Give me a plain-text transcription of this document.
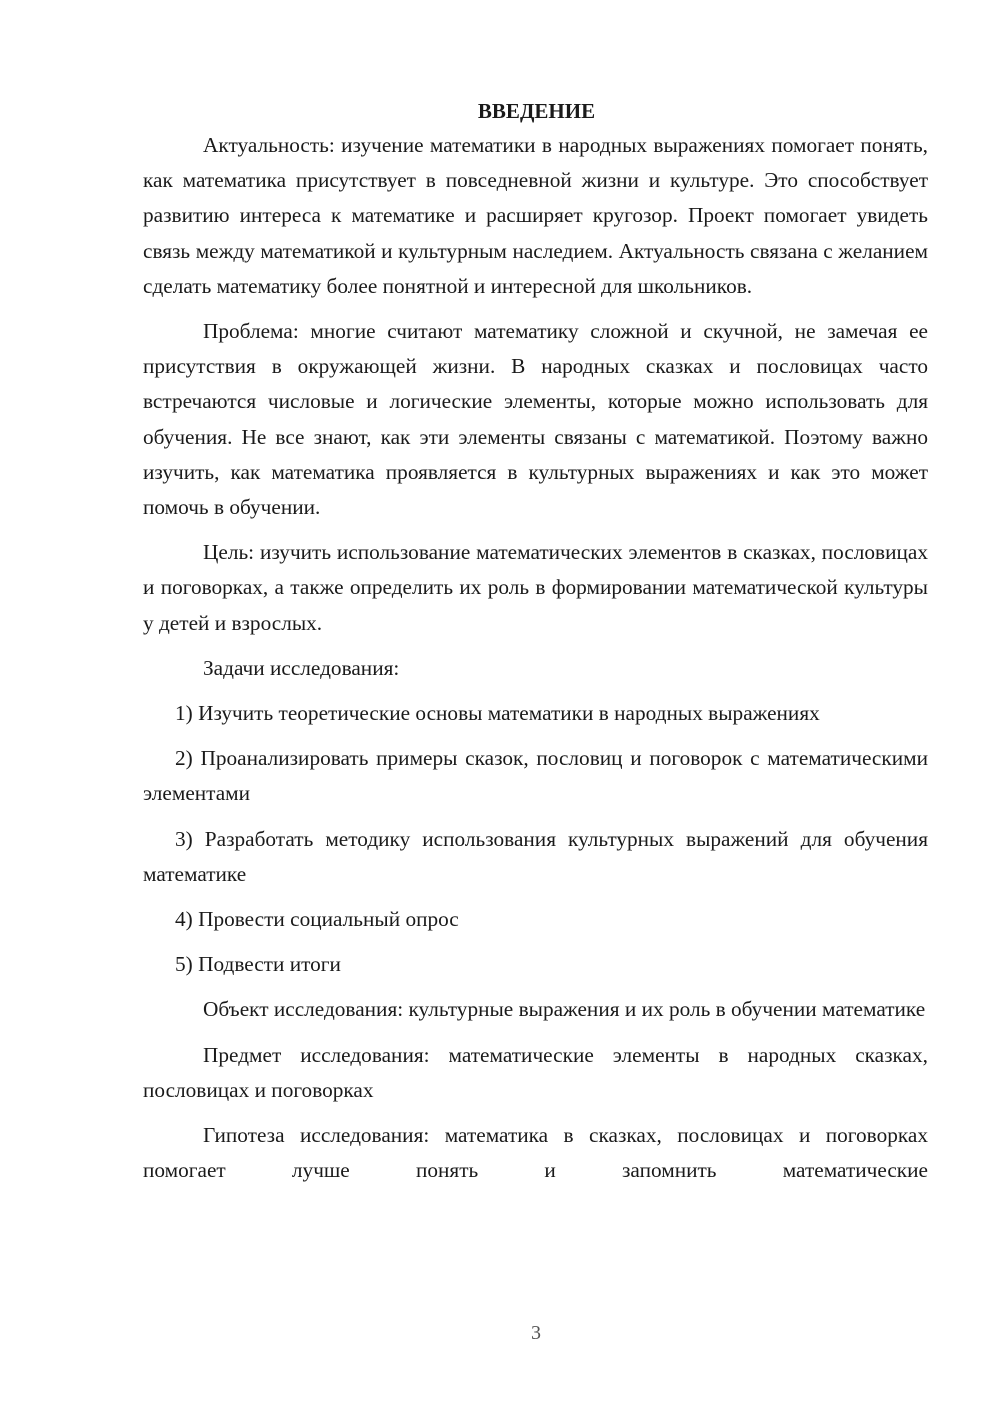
ВВЕДЕНИЕ

Актуальность: изучение математики в народных выражениях помогает понять, как математика присутствует в повседневной жизни и культуре. Это способствует развитию интереса к математике и расширяет кругозор. Проект помогает увидеть связь между математикой и культурным наследием. Актуальность связана с желанием сделать математику более понятной и интересной для школьников.

Проблема: многие считают математику сложной и скучной, не замечая ее присутствия в окружающей жизни. В народных сказках и пословицах часто встречаются числовые и логические элементы, которые можно использовать для обучения. Не все знают, как эти элементы связаны с математикой. Поэтому важно изучить, как математика проявляется в культурных выражениях и как это может помочь в обучении.

Цель: изучить использование математических элементов в сказках, пословицах и поговорках, а также определить их роль в формировании математической культуры у детей и взрослых.

Задачи исследования:

1) Изучить теоретические основы математики в народных выражениях

2) Проанализировать примеры сказок, пословиц и поговорок с математическими элементами

3) Разработать методику использования культурных выражений для обучения математике

4) Провести социальный опрос

5) Подвести итоги

Объект исследования: культурные выражения и их роль в обучении математике

Предмет исследования: математические элементы в народных сказках, пословицах и поговорках

Гипотеза исследования: математика в сказках, пословицах и поговорках помогает лучше понять и запомнить математические

3
